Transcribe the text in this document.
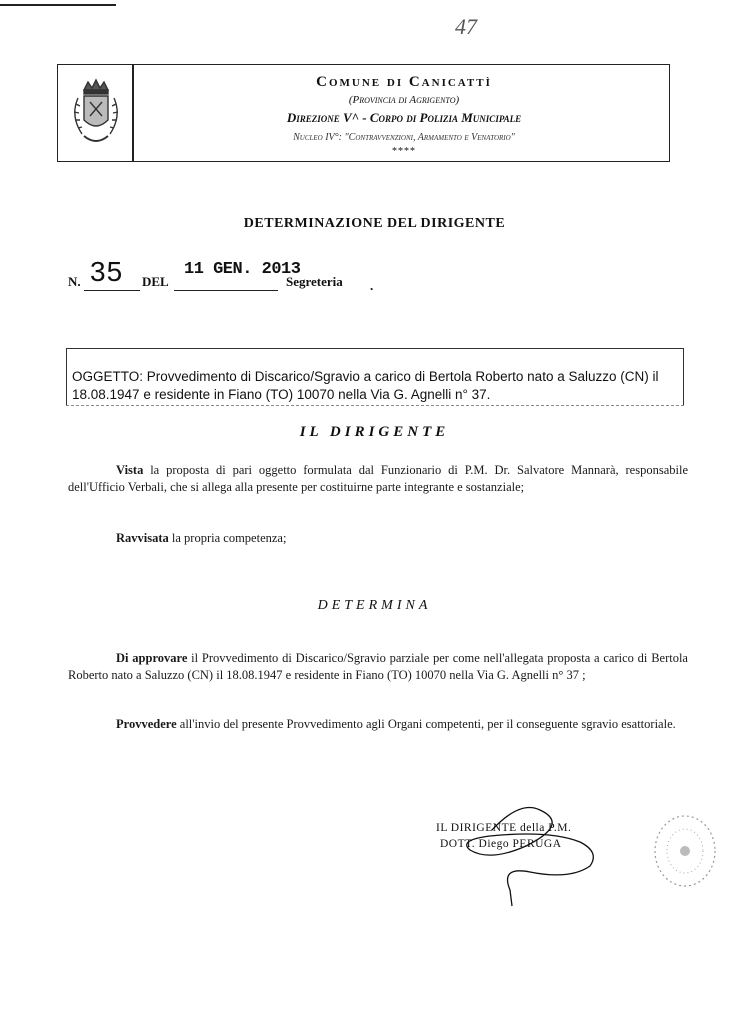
47
Comune di Canicattì
(Provincia di Agrigento)
Direzione V^ - Corpo di Polizia Municipale
Nucleo IV°: "Contravvenzioni, Armamento e Venatorio"
****
DETERMINAZIONE DEL DIRIGENTE
N. 35 DEL
11 GEN. 2013
Segreteria .
OGGETTO: Provvedimento di Discarico/Sgravio a carico di Bertola Roberto nato a Saluzzo (CN) il 18.08.1947 e residente in Fiano (TO) 10070 nella Via G. Agnelli n° 37.
IL DIRIGENTE
Vista la proposta di pari oggetto formulata dal Funzionario di P.M. Dr. Salvatore Mannarà, responsabile dell'Ufficio Verbali, che si allega alla presente per costituirne parte integrante e sostanziale;
Ravvisata la propria competenza;
DETERMINA
Di approvare il Provvedimento di Discarico/Sgravio parziale per come nell'allegata proposta a carico di Bertola Roberto nato a Saluzzo (CN) il 18.08.1947 e residente in Fiano (TO) 10070 nella Via G. Agnelli n° 37 ;
Provvedere all'invio del presente Provvedimento agli Organi competenti, per il conseguente sgravio esattoriale.
IL DIRIGENTE della P.M.
DOTT. Diego PERUGA
